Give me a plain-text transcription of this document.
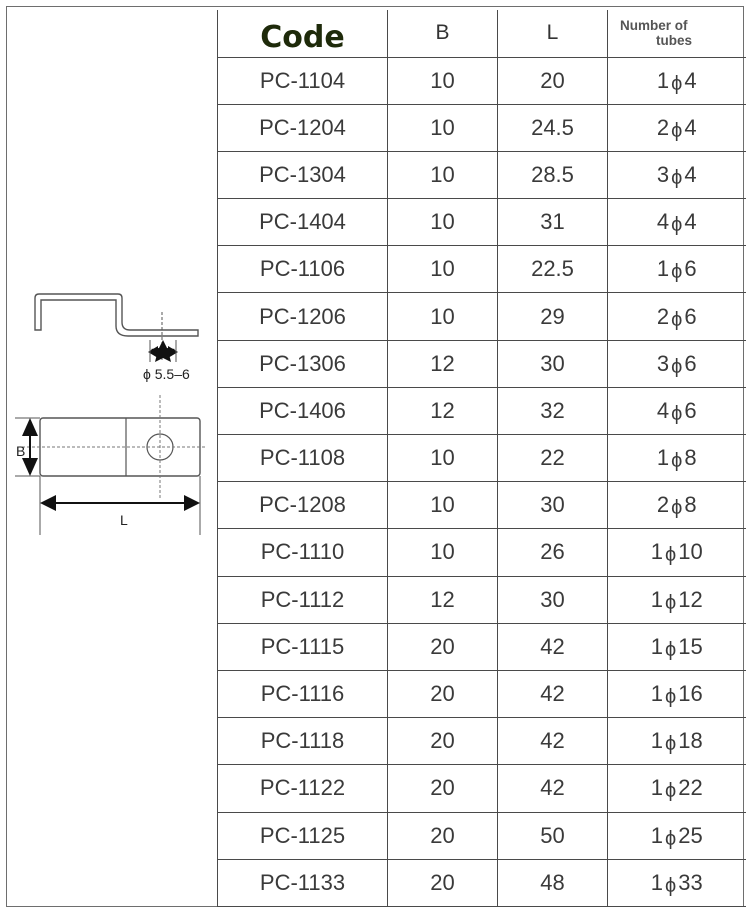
ϕ 5.5–6
B
L
Code	B	L	Number of
tubes

PC-1104	10	20	1 ϕ4
PC-1204	10	24.5	2 ϕ4
PC-1304	10	28.5	3 ϕ4
PC-1404	10	31	4 ϕ4
PC-1106	10	22.5	1 ϕ6
PC-1206	10	29	2 ϕ6
PC-1306	12	30	3 ϕ6
PC-1406	12	32	4 ϕ6
PC-1108	10	22	1 ϕ8
PC-1208	10	30	2 ϕ8
PC-1110	10	26	1 ϕ10
PC-1112	12	30	1 ϕ12
PC-1115	20	42	1 ϕ15
PC-1116	20	42	1 ϕ16
PC-1118	20	42	1 ϕ18
PC-1122	20	42	1 ϕ22
PC-1125	20	50	1 ϕ25
PC-1133	20	48	1 ϕ33
